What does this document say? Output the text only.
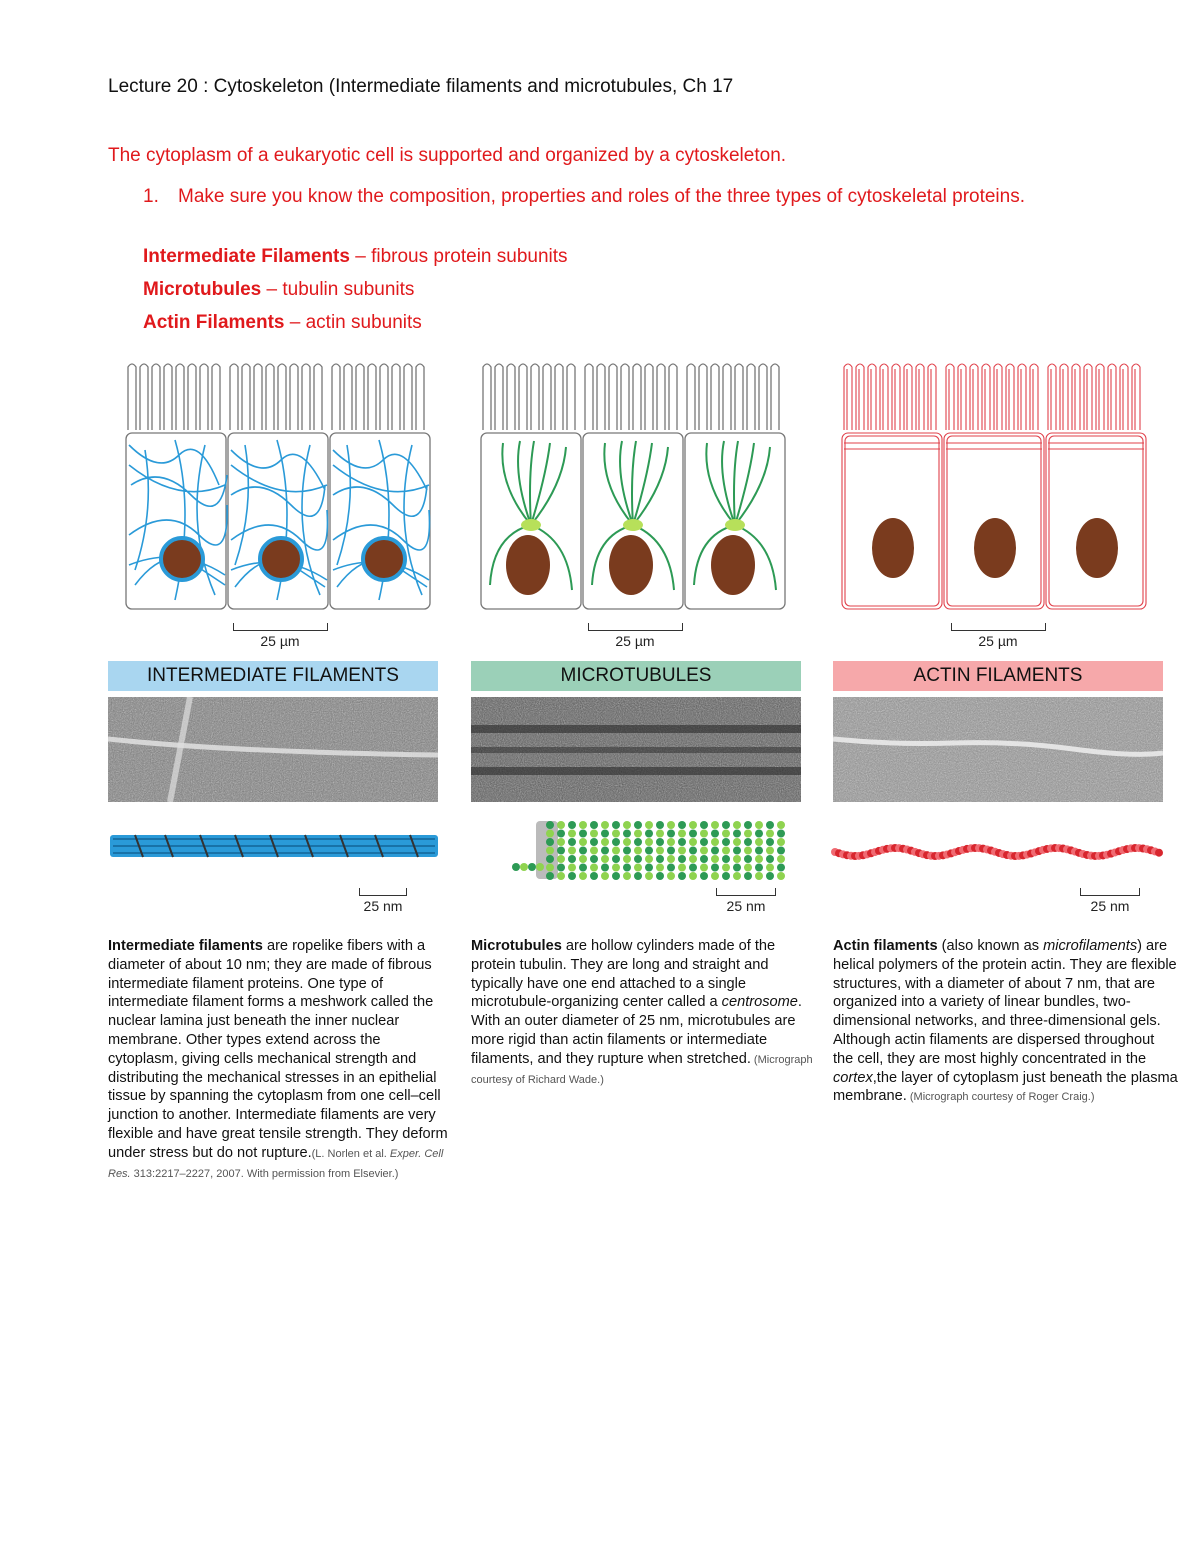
Lecture 20 : Cytoskeleton (Intermediate filaments and microtubules, Ch 17
The cytoplasm of a eukaryotic cell is supported and organized by a cytoskeleton.
1. Make sure you know the composition, properties and roles of the three types of cytoskeletal proteins.
Intermediate Filaments – fibrous protein subunits
Microtubules – tubulin subunits
Actin Filaments – actin subunits
25 µm
INTERMEDIATE FILAMENTS
25 nm
Intermediate filaments are ropelike fibers with a diameter of about 10 nm; they are made of fibrous intermediate filament proteins. One type of intermediate filament forms a meshwork called the nuclear lamina just beneath the inner nuclear membrane. Other types extend across the cytoplasm, giving cells mechanical strength and distributing the mechanical stresses in an epithelial tissue by spanning the cytoplasm from one cell–cell junction to another. Intermediate filaments are very flexible and have great tensile strength. They deform under stress but do not rupture.(L. Norlen et al. Exper. Cell Res. 313:2217–2227, 2007. With permission from Elsevier.)
25 µm
MICROTUBULES
25 nm
Microtubules are hollow cylinders made of the protein tubulin. They are long and straight and typically have one end attached to a single microtubule-organizing center called a centrosome. With an outer diameter of 25 nm, microtubules are more rigid than actin filaments or intermediate filaments, and they rupture when stretched. (Micrograph courtesy of Richard Wade.)
25 µm
ACTIN FILAMENTS
25 nm
Actin filaments (also known as microfilaments) are helical polymers of the protein actin. They are flexible structures, with a diameter of about 7 nm, that are organized into a variety of linear bundles, two-dimensional networks, and three-dimensional gels. Although actin filaments are dispersed throughout the cell, they are most highly concentrated in the cortex,the layer of cytoplasm just beneath the plasma membrane. (Micrograph courtesy of Roger Craig.)
